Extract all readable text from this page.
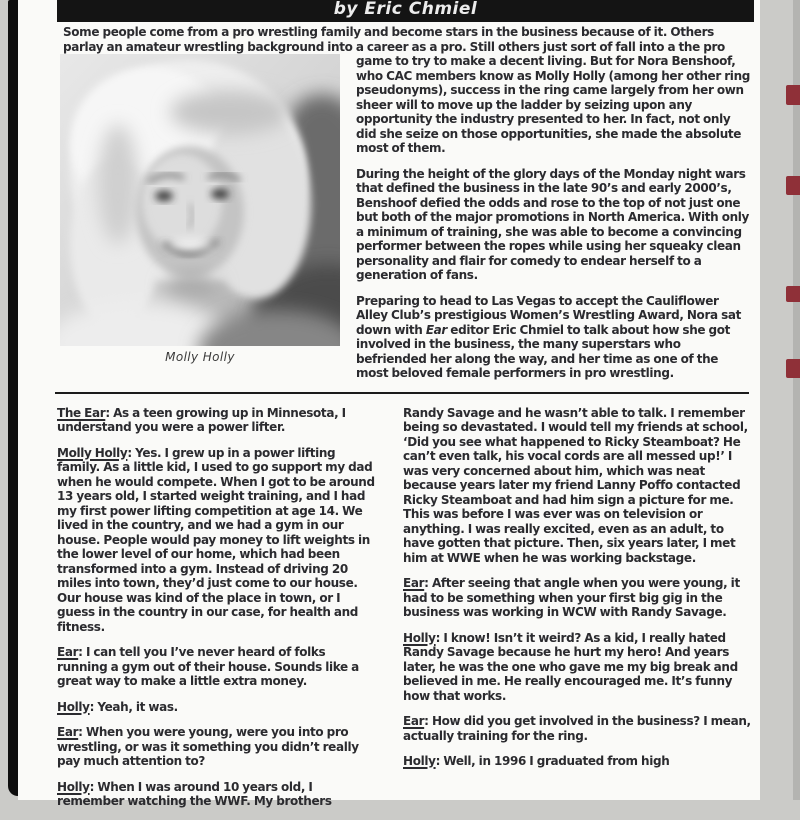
by Eric Chmiel
Molly Holly

Some people come from a pro wrestling family and become stars in the business because of it. Others parlay an amateur wrestling background into a career as a pro. Still others just sort of fall into a the pro game to try to make a decent living. But for Nora Benshoof, who CAC members know as Molly Holly (among her other ring pseudonyms), success in the ring came largely from her own sheer will to move up the ladder by seizing upon any opportunity the industry presented to her. In fact, not only did she seize on those opportunities, she made the absolute most of them.

During the height of the glory days of the Monday night wars that defined the business in the late 90’s and early 2000’s, Benshoof defied the odds and rose to the top of not just one but both of the major promotions in North America. With only a minimum of training, she was able to become a convincing performer between the ropes while using her squeaky clean personality and flair for comedy to endear herself to a generation of fans.

Preparing to head to Las Vegas to accept the Cauliflower Alley Club’s prestigious Women’s Wrestling Award, Nora sat down with Ear editor Eric Chmiel to talk about how she got involved in the business, the many superstars who befriended her along the way, and her time as one of the most beloved female performers in pro wrestling.

The Ear: As a teen growing up in Minnesota, I understand you were a power lifter.

Molly Holly: Yes. I grew up in a power lifting family. As a little kid, I used to go support my dad when he would compete. When I got to be around 13 years old, I started weight training, and I had my first power lifting competition at age 14. We lived in the country, and we had a gym in our house. People would pay money to lift weights in the lower level of our home, which had been transformed into a gym. Instead of driving 20 miles into town, they’d just come to our house. Our house was kind of the place in town, or I guess in the country in our case, for health and fitness.

Ear: I can tell you I’ve never heard of folks running a gym out of their house. Sounds like a great way to make a little extra money.

Holly: Yeah, it was.

Ear: When you were young, were you into pro wrestling, or was it something you didn’t really pay much attention to?

Holly: When I was around 10 years old, I remember watching the WWF. My brothers

Randy Savage and he wasn’t able to talk. I remember being so devastated. I would tell my friends at school, ‘Did you see what happened to Ricky Steamboat? He can’t even talk, his vocal cords are all messed up!’ I was very concerned about him, which was neat because years later my friend Lanny Poffo contacted Ricky Steamboat and had him sign a picture for me. This was before I was ever was on television or anything. I was really excited, even as an adult, to have gotten that picture. Then, six years later, I met him at WWE when he was working backstage.

Ear: After seeing that angle when you were young, it had to be something when your first big gig in the business was working in WCW with Randy Savage.

Holly: I know! Isn’t it weird? As a kid, I really hated Randy Savage because he hurt my hero! And years later, he was the one who gave me my big break and believed in me. He really encouraged me. It’s funny how that works.

Ear: How did you get involved in the business? I mean, actually training for the ring.

Holly: Well, in 1996 I graduated from high
